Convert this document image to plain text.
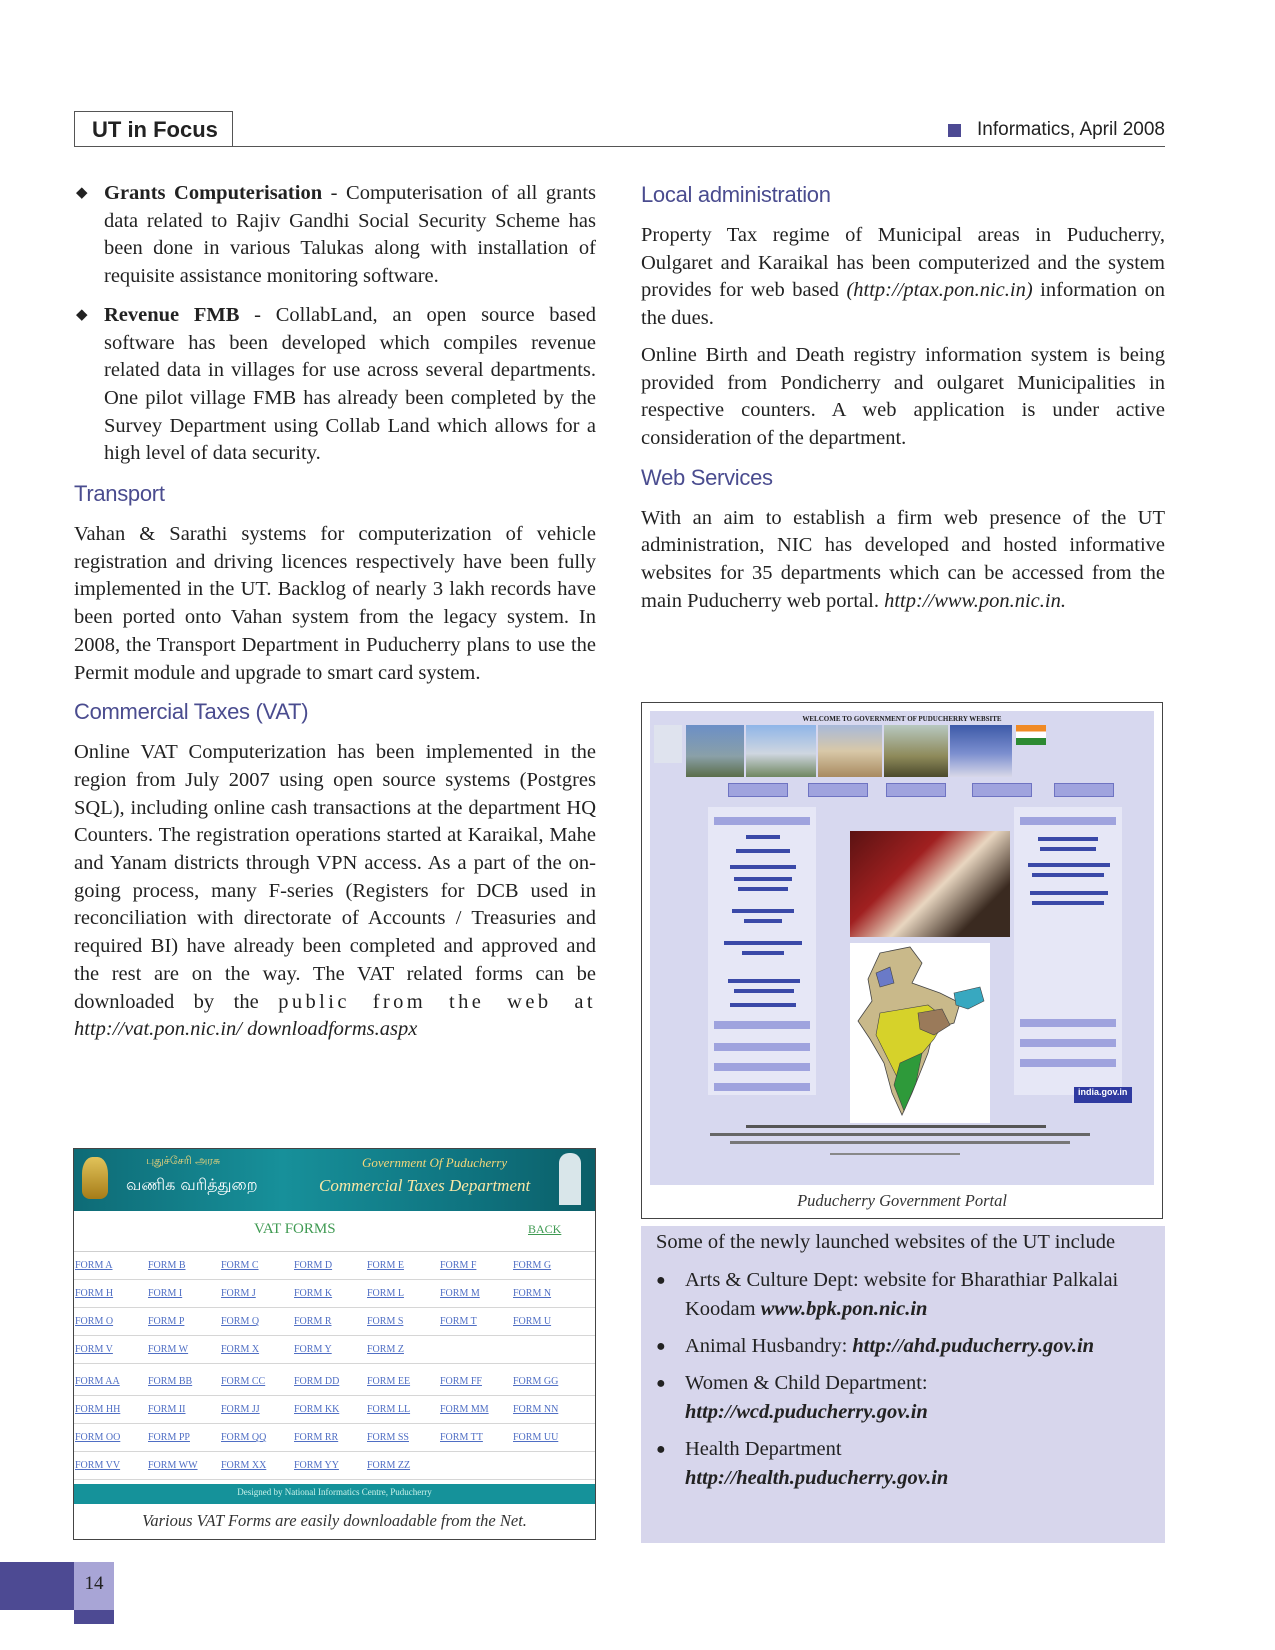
UT in Focus	Informatics, April 2008
◆ Grants Computerisation - Computerisation of all grants data related to Rajiv Gandhi Social Security Scheme has been done in various Talukas along with installation of requisite assistance monitoring software.
◆ Revenue FMB - CollabLand, an open source based software has been developed which compiles revenue related data in villages for use across several departments. One pilot village FMB has already been completed by the Survey Department using Collab Land which allows for a high level of data security.
Transport

Vahan & Sarathi systems for computerization of vehicle registration and driving licences respectively have been fully implemented in the UT. Backlog of nearly 3 lakh records have been ported onto Vahan system from the legacy system. In 2008, the Transport Department in Puducherry plans to use the Permit module and upgrade to smart card system.

Commercial Taxes (VAT)

Online VAT Computerization has been implemented in the region from July 2007 using open source systems (Postgres SQL), including online cash transactions at the department HQ Counters. The registration operations started at Karaikal, Mahe and Yanam districts through VPN access. As a part of the on-going process, many F-series (Registers for DCB used in reconciliation with directorate of Accounts / Treasuries and required BI) have already been completed and approved and the rest are on the way. The VAT related forms can be downloaded by the public from the web at http://vat.pon.nic.in/ downloadforms.aspx

புதுச்சேரி அரசு
வணிக வரித்துறை
Government Of Puducherry
Commercial Taxes Department
VAT FORMS	BACK
FORM A	FORM B	FORM C	FORM D	FORM E	FORM F	FORM G
FORM H	FORM I	FORM J	FORM K	FORM L	FORM M	FORM N
FORM O	FORM P	FORM Q	FORM R	FORM S	FORM T	FORM U
FORM V	FORM W	FORM X	FORM Y	FORM Z
FORM AA	FORM BB	FORM CC	FORM DD	FORM EE	FORM FF	FORM GG
FORM HH	FORM II	FORM JJ	FORM KK	FORM LL	FORM MM	FORM NN
FORM OO	FORM PP	FORM QQ	FORM RR	FORM SS	FORM TT	FORM UU
FORM VV	FORM WW	FORM XX	FORM YY	FORM ZZ
Designed by National Informatics Centre, Puducherry
Various VAT Forms are easily downloadable from the Net.
Local administration

Property Tax regime of Municipal areas in Puducherry, Oulgaret and Karaikal has been computerized and the system provides for web based (http://ptax.pon.nic.in) information on the dues.

Online Birth and Death registry information system is being provided from Pondicherry and oulgaret Municipalities in respective counters. A web application is under active consideration of the department.

Web Services

With an aim to establish a firm web presence of the UT administration, NIC has developed and hosted informative websites for 35 departments which can be accessed from the main Puducherry web portal. http://www.pon.nic.in.

WELCOME TO GOVERNMENT OF PUDUCHERRY WEBSITE
india.gov.in
Puducherry Government Portal

Some of the newly launched websites of the UT include

● Arts & Culture Dept: website for Bharathiar Palkalai Koodam www.bpk.pon.nic.in
● Animal Husbandry: http://ahd.puducherry.gov.in
● Women & Child Department:
http://wcd.puducherry.gov.in
● Health Department
http://health.puducherry.gov.in
14
